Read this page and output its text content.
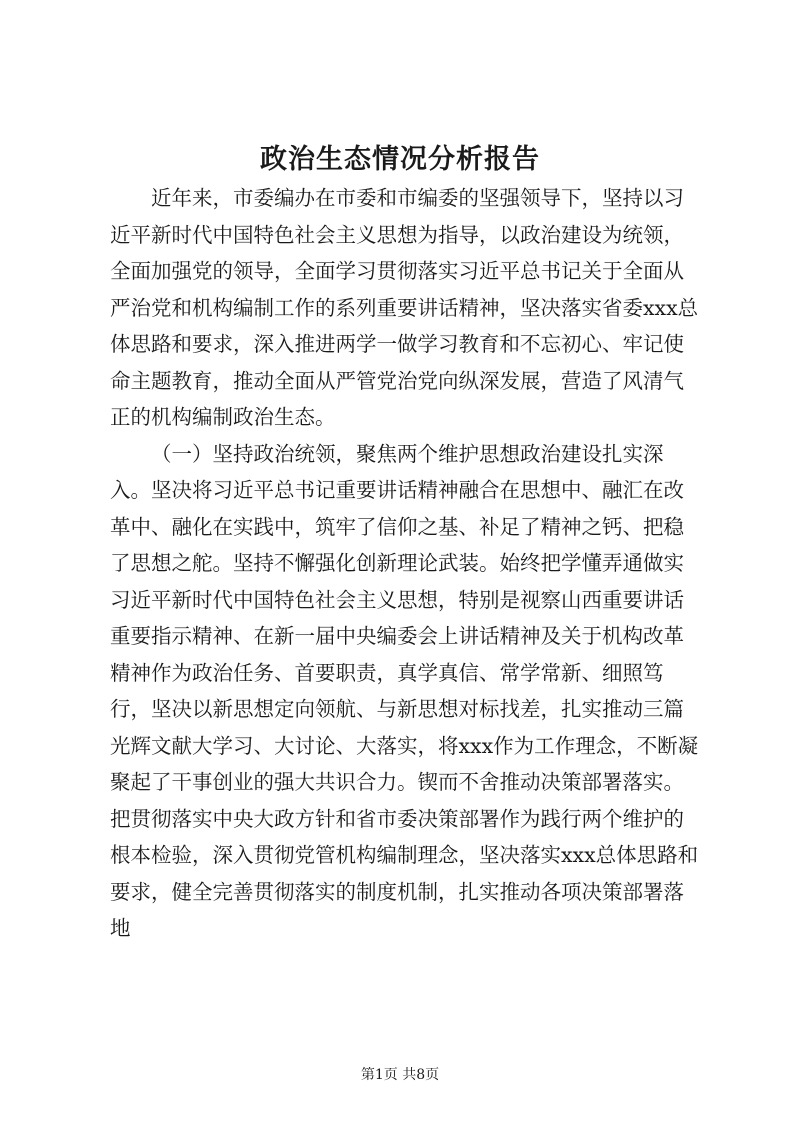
政治生态情况分析报告

近年来，市委编办在市委和市编委的坚强领导下，坚持以习近平新时代中国特色社会主义思想为指导，以政治建设为统领，全面加强党的领导，全面学习贯彻落实习近平总书记关于全面从严治党和机构编制工作的系列重要讲话精神，坚决落实省委xxx总体思路和要求，深入推进两学一做学习教育和不忘初心、牢记使命主题教育，推动全面从严管党治党向纵深发展，营造了风清气正的机构编制政治生态。

（一）坚持政治统领，聚焦两个维护思想政治建设扎实深入。坚决将习近平总书记重要讲话精神融合在思想中、融汇在改革中、融化在实践中，筑牢了信仰之基、补足了精神之钙、把稳了思想之舵。坚持不懈强化创新理论武装。始终把学懂弄通做实习近平新时代中国特色社会主义思想，特别是视察山西重要讲话重要指示精神、在新一届中央编委会上讲话精神及关于机构改革精神作为政治任务、首要职责，真学真信、常学常新、细照笃行，坚决以新思想定向领航、与新思想对标找差，扎实推动三篇光辉文献大学习、大讨论、大落实，将xxx作为工作理念，不断凝聚起了干事创业的强大共识合力。锲而不舍推动决策部署落实。把贯彻落实中央大政方针和省市委决策部署作为践行两个维护的根本检验，深入贯彻党管机构编制理念，坚决落实xxx总体思路和要求，健全完善贯彻落实的制度机制，扎实推动各项决策部署落地

第1页 共8页
